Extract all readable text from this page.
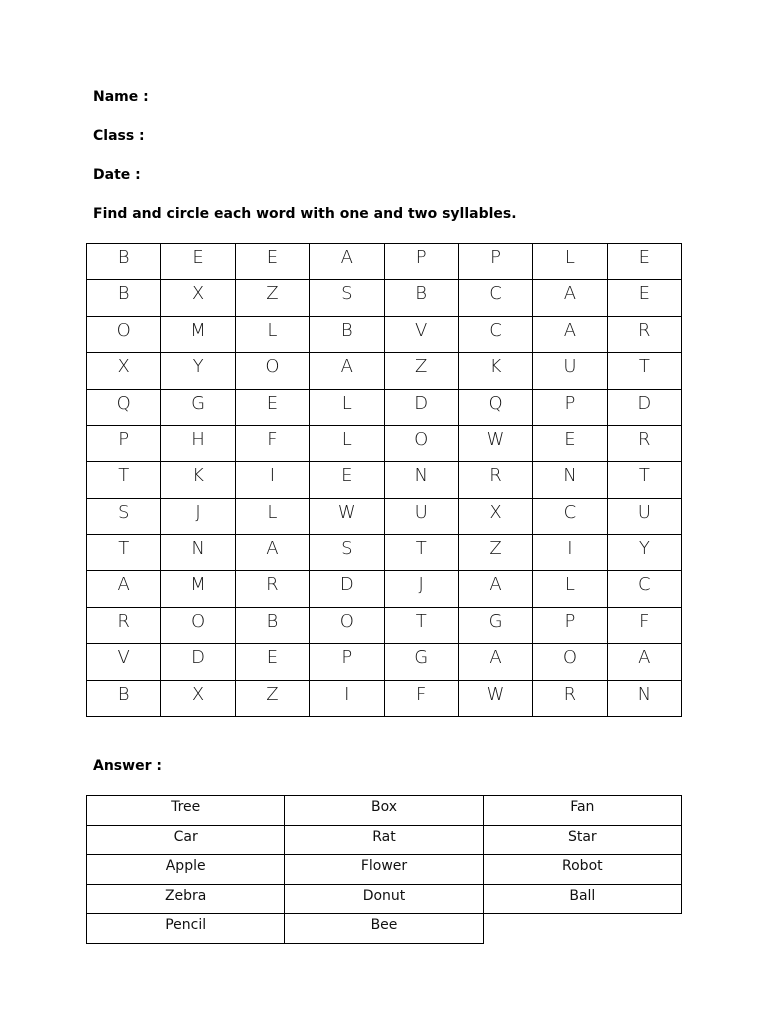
Name :
Class :
Date :
Find and circle each word with one and two syllables.
B	E	E	A	P	P	L	E
B	X	Z	S	B	C	A	E
O	M	L	B	V	C	A	R
X	Y	O	A	Z	K	U	T
Q	G	E	L	D	Q	P	D
P	H	F	L	O	W	E	R
T	K	I	E	N	R	N	T
S	J	L	W	U	X	C	U
T	N	A	S	T	Z	I	Y
A	M	R	D	J	A	L	C
R	O	B	O	T	G	P	F
V	D	E	P	G	A	O	A
B	X	Z	I	F	W	R	N
Answer :
Tree	Box	Fan
Car	Rat	Star
Apple	Flower	Robot
Zebra	Donut	Ball
Pencil	Bee	
